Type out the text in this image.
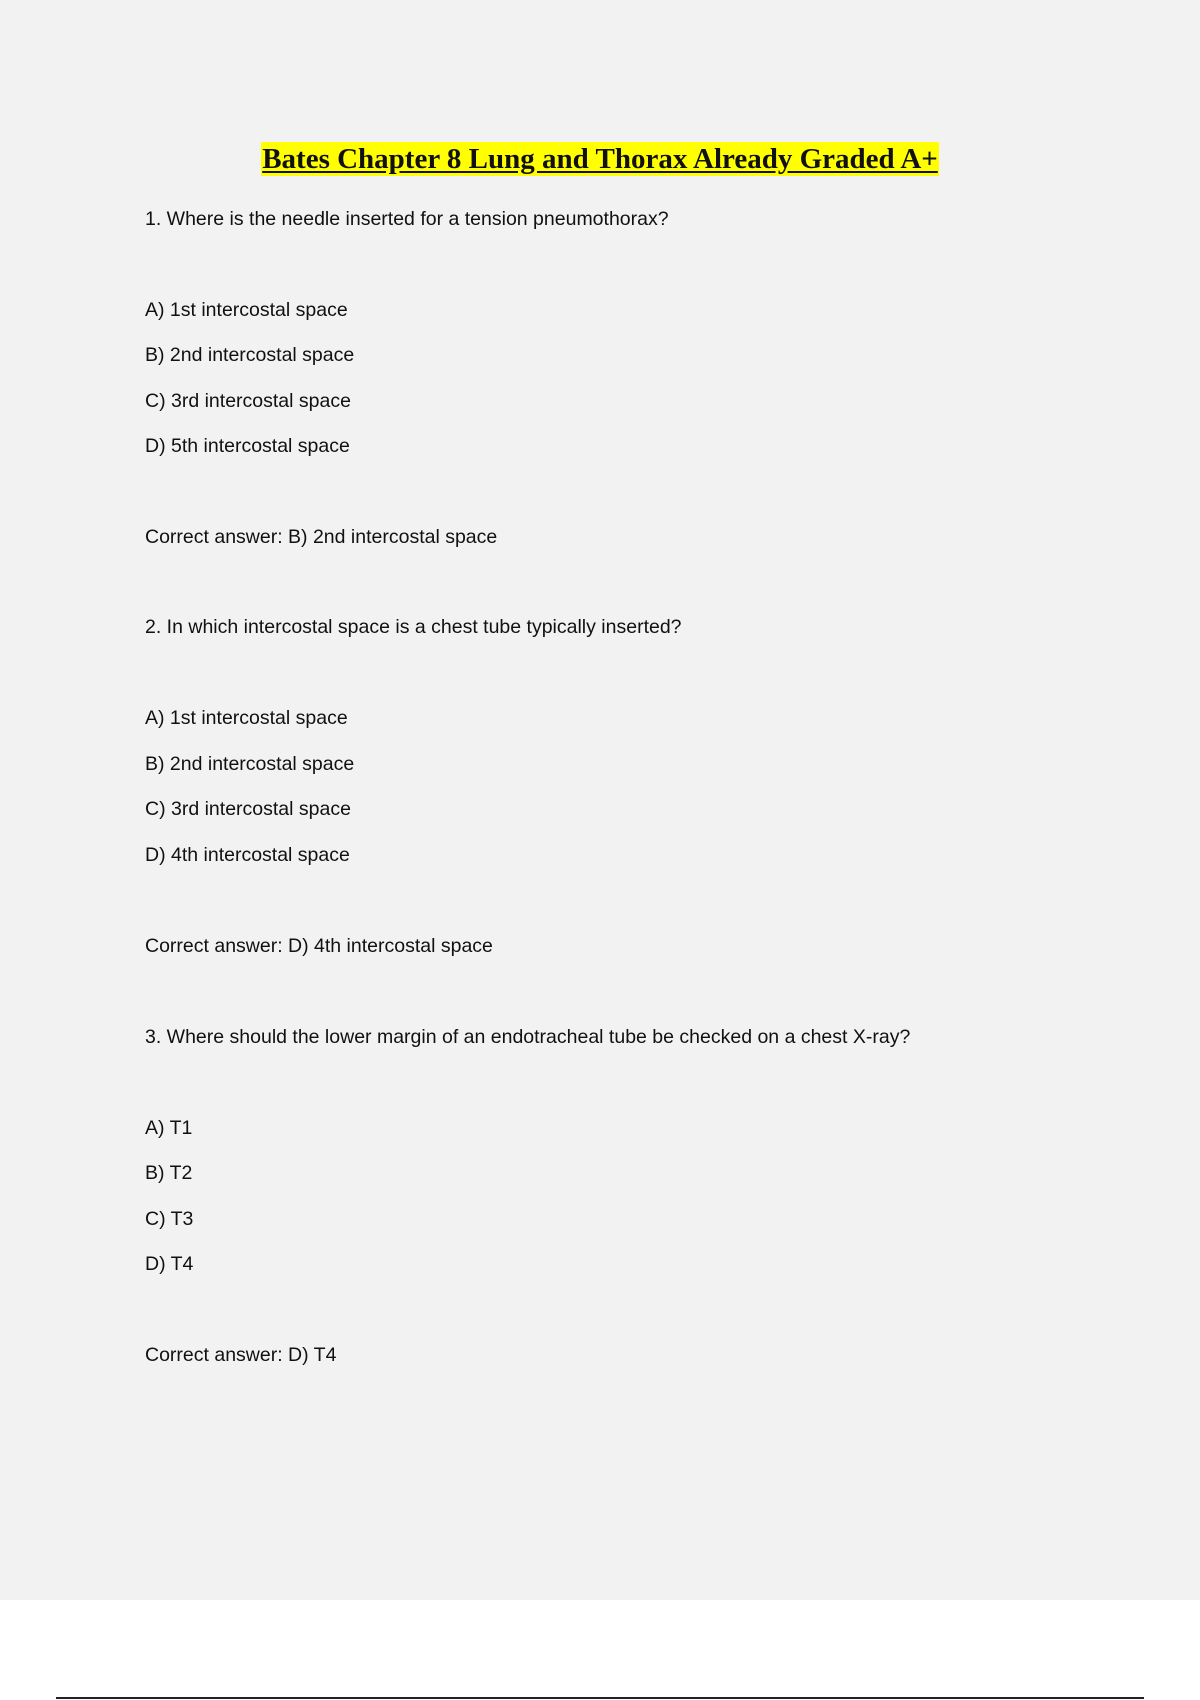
Bates Chapter 8 Lung and Thorax Already Graded A+
1. Where is the needle inserted for a tension pneumothorax?
A) 1st intercostal space
B) 2nd intercostal space
C) 3rd intercostal space
D) 5th intercostal space
Correct answer: B) 2nd intercostal space
2. In which intercostal space is a chest tube typically inserted?
A) 1st intercostal space
B) 2nd intercostal space
C) 3rd intercostal space
D) 4th intercostal space
Correct answer: D) 4th intercostal space
3. Where should the lower margin of an endotracheal tube be checked on a chest X-ray?
A) T1
B) T2
C) T3
D) T4
Correct answer: D) T4
